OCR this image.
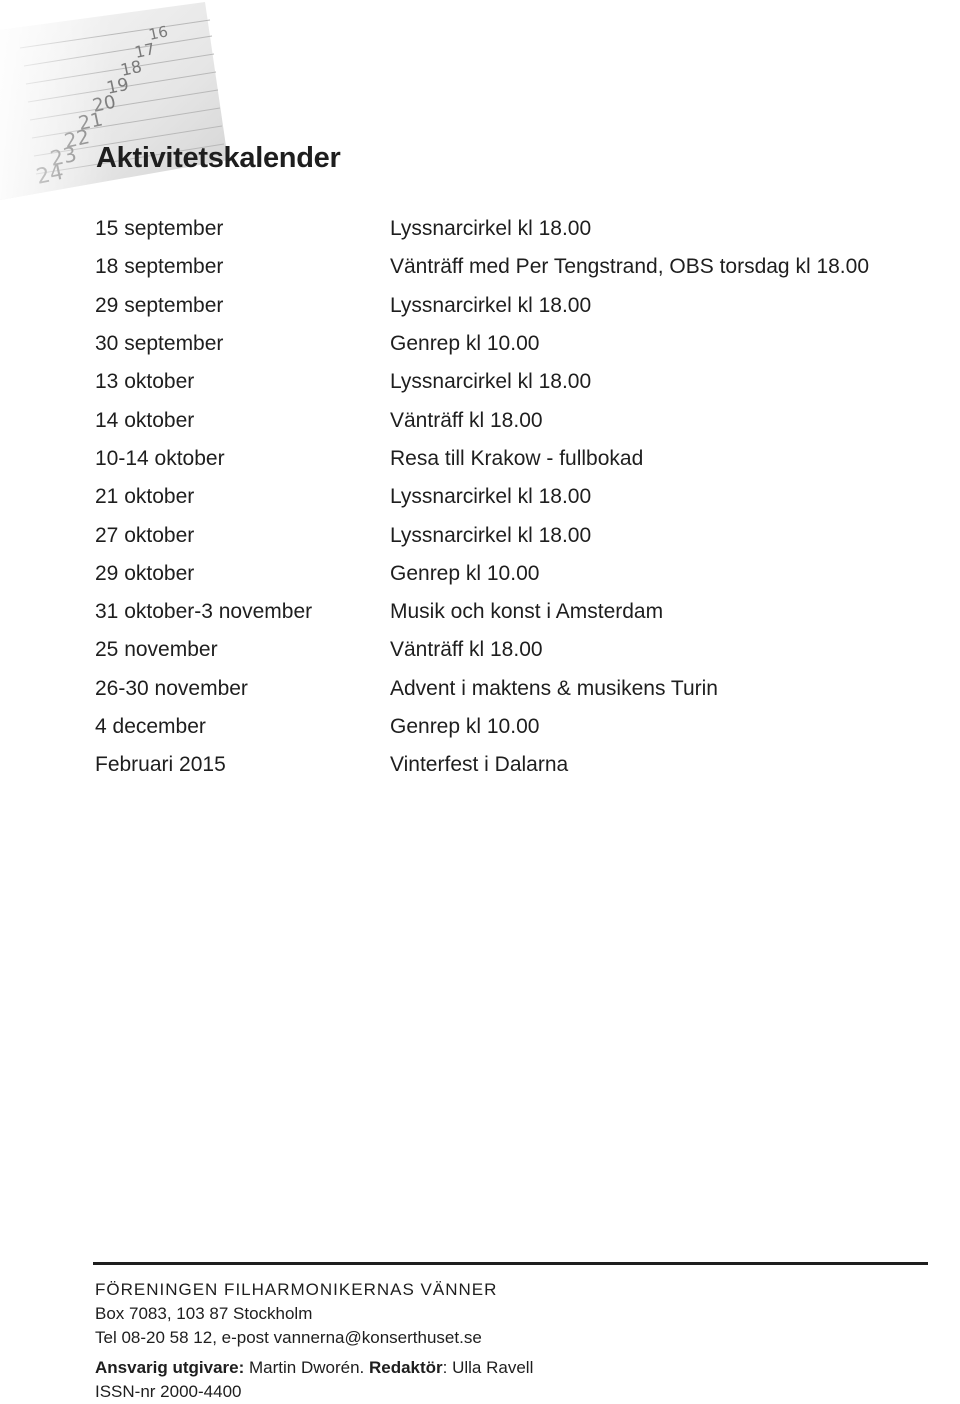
Aktivitetskalender
15 september	Lyssnarcirkel kl 18.00
18 september	Vänträff med Per Tengstrand, OBS torsdag kl 18.00
29 september	Lyssnarcirkel kl 18.00
30 september	Genrep kl 10.00
13 oktober	Lyssnarcirkel kl 18.00
14 oktober	Vänträff kl 18.00
10-14 oktober	Resa till Krakow - fullbokad
21 oktober	Lyssnarcirkel kl 18.00
27 oktober	Lyssnarcirkel kl 18.00
29 oktober	Genrep kl 10.00
31 oktober-3 november	Musik och konst i Amsterdam
25 november	Vänträff kl 18.00
26-30 november	Advent i maktens & musikens Turin
4 december	Genrep kl 10.00
Februari 2015	Vinterfest i Dalarna
FÖRENINGEN FILHARMONIKERNAS VÄNNER
Box 7083, 103 87 Stockholm
Tel 08-20 58 12, e-post vannerna@konserthuset.se
Ansvarig utgivare: Martin Dworén. Redaktör: Ulla Ravell
ISSN-nr 2000-4400
